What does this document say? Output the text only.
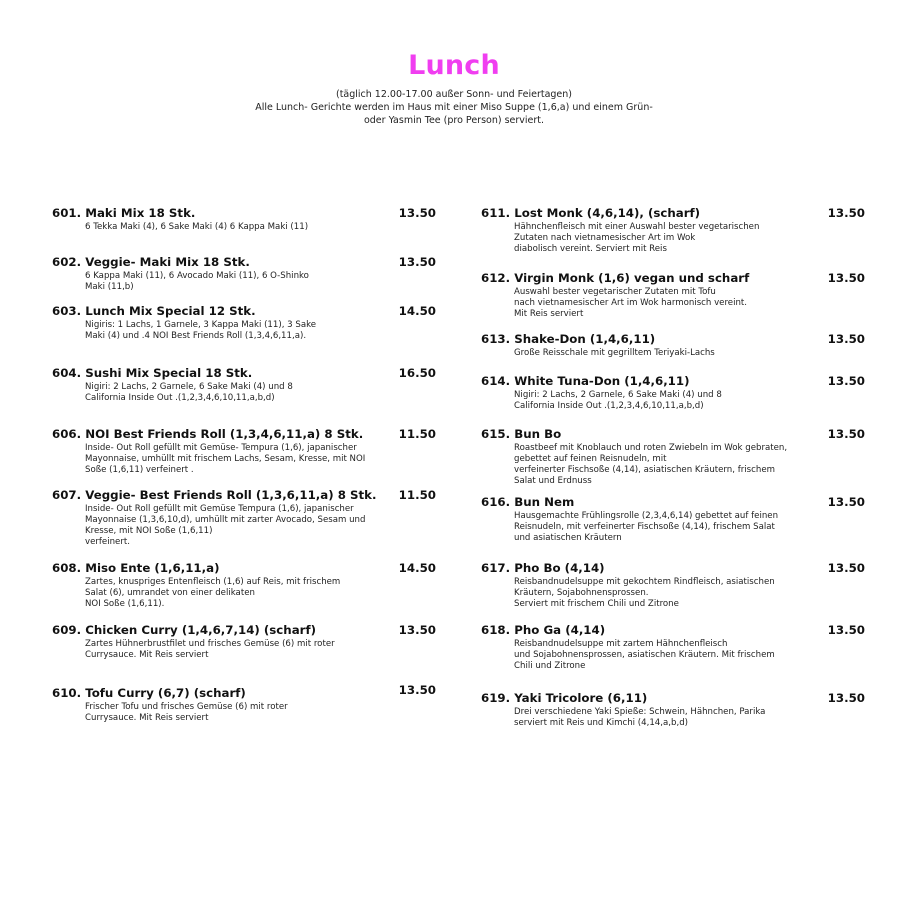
Lunch
(täglich 12.00-17.00 außer Sonn- und Feiertagen)
Alle Lunch- Gerichte werden im Haus mit einer Miso Suppe (1,6,a) und einem Grün-
oder Yasmin Tee (pro Person) serviert.
601. Maki Mix 18 Stk.
6 Tekka Maki (4), 6 Sake Maki (4) 6 Kappa Maki (11)
13.50
602. Veggie- Maki Mix 18 Stk.
6 Kappa Maki (11), 6 Avocado Maki (11), 6 O-Shinko
Maki (11,b)
13.50
603. Lunch Mix Special 12 Stk.
Nigiris: 1 Lachs, 1 Garnele, 3 Kappa Maki (11), 3 Sake
Maki (4) und .4 NOI Best Friends Roll (1,3,4,6,11,a).
14.50
604. Sushi Mix Special 18 Stk.
Nigiri: 2 Lachs, 2 Garnele, 6 Sake Maki (4) und 8
California Inside Out .(1,2,3,4,6,10,11,a,b,d)
16.50
606. NOI Best Friends Roll (1,3,4,6,11,a) 8 Stk.
Inside- Out Roll gefüllt mit Gemüse- Tempura (1,6), japanischer
Mayonnaise, umhüllt mit frischem Lachs, Sesam, Kresse, mit NOI
Soße (1,6,11) verfeinert .
11.50
607. Veggie- Best Friends Roll (1,3,6,11,a) 8 Stk.
Inside- Out Roll gefüllt mit Gemüse Tempura (1,6), japanischer
Mayonnaise (1,3,6,10,d), umhüllt mit zarter Avocado, Sesam und
Kresse, mit NOI Soße (1,6,11)
verfeinert.
11.50
608. Miso Ente (1,6,11,a)
Zartes, knuspriges Entenfleisch (1,6) auf Reis, mit frischem
Salat (6), umrandet von einer delikaten
NOI Soße (1,6,11).
14.50
609. Chicken Curry (1,4,6,7,14) (scharf)
Zartes Hühnerbrustfilet und frisches Gemüse (6) mit roter
Currysauce. Mit Reis serviert
13.50
610. Tofu Curry (6,7) (scharf)
Frischer Tofu und frisches Gemüse (6) mit roter
Currysauce. Mit Reis serviert
13.50
611. Lost Monk (4,6,14), (scharf)
Hähnchenfleisch mit einer Auswahl bester vegetarischen
Zutaten nach vietnamesischer Art im Wok
diabolisch vereint. Serviert mit Reis
13.50
612. Virgin Monk (1,6) vegan und scharf
Auswahl bester vegetarischer Zutaten mit Tofu
nach vietnamesischer Art im Wok harmonisch vereint.
Mit Reis serviert
13.50
613. Shake-Don (1,4,6,11)
Große Reisschale mit gegrilltem Teriyaki-Lachs
13.50
614. White Tuna-Don (1,4,6,11)
Nigiri: 2 Lachs, 2 Garnele, 6 Sake Maki (4) und 8
California Inside Out .(1,2,3,4,6,10,11,a,b,d)
13.50
615. Bun Bo
Roastbeef mit Knoblauch und roten Zwiebeln im Wok gebraten,
gebettet auf feinen Reisnudeln, mit
verfeinerter Fischsoße (4,14), asiatischen Kräutern, frischem
Salat und Erdnuss
13.50
616. Bun Nem
Hausgemachte Frühlingsrolle (2,3,4,6,14) gebettet auf feinen
Reisnudeln, mit verfeinerter Fischsoße (4,14), frischem Salat
und asiatischen Kräutern
13.50
617. Pho Bo (4,14)
Reisbandnudelsuppe mit gekochtem Rindfleisch, asiatischen
Kräutern, Sojabohnensprossen.
Serviert mit frischem Chili und Zitrone
13.50
618. Pho Ga (4,14)
Reisbandnudelsuppe mit zartem Hähnchenfleisch
und Sojabohnensprossen, asiatischen Kräutern. Mit frischem
Chili und Zitrone
13.50
619. Yaki Tricolore (6,11)
Drei verschiedene Yaki Spieße: Schwein, Hähnchen, Parika
serviert mit Reis und Kimchi (4,14,a,b,d)
13.50
